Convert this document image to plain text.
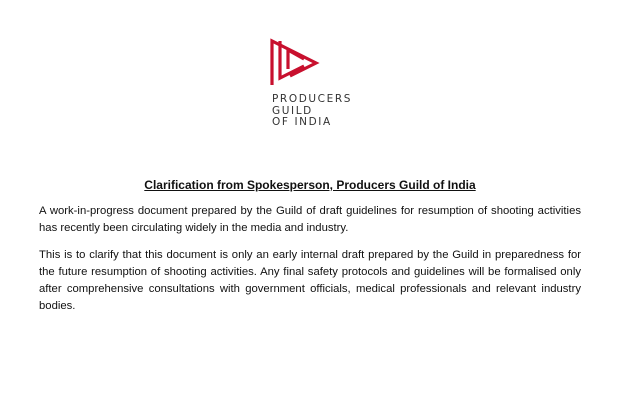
PRODUCERS
GUILD
OF INDIA
Clarification from Spokesperson, Producers Guild of India

A work-in-progress document prepared by the Guild of draft guidelines for resumption of shooting activities has recently been circulating widely in the media and industry.

This is to clarify that this document is only an early internal draft prepared by the Guild in preparedness for the future resumption of shooting activities. Any final safety protocols and guidelines will be formalised only after comprehensive consultations with government officials, medical professionals and relevant industry bodies.
